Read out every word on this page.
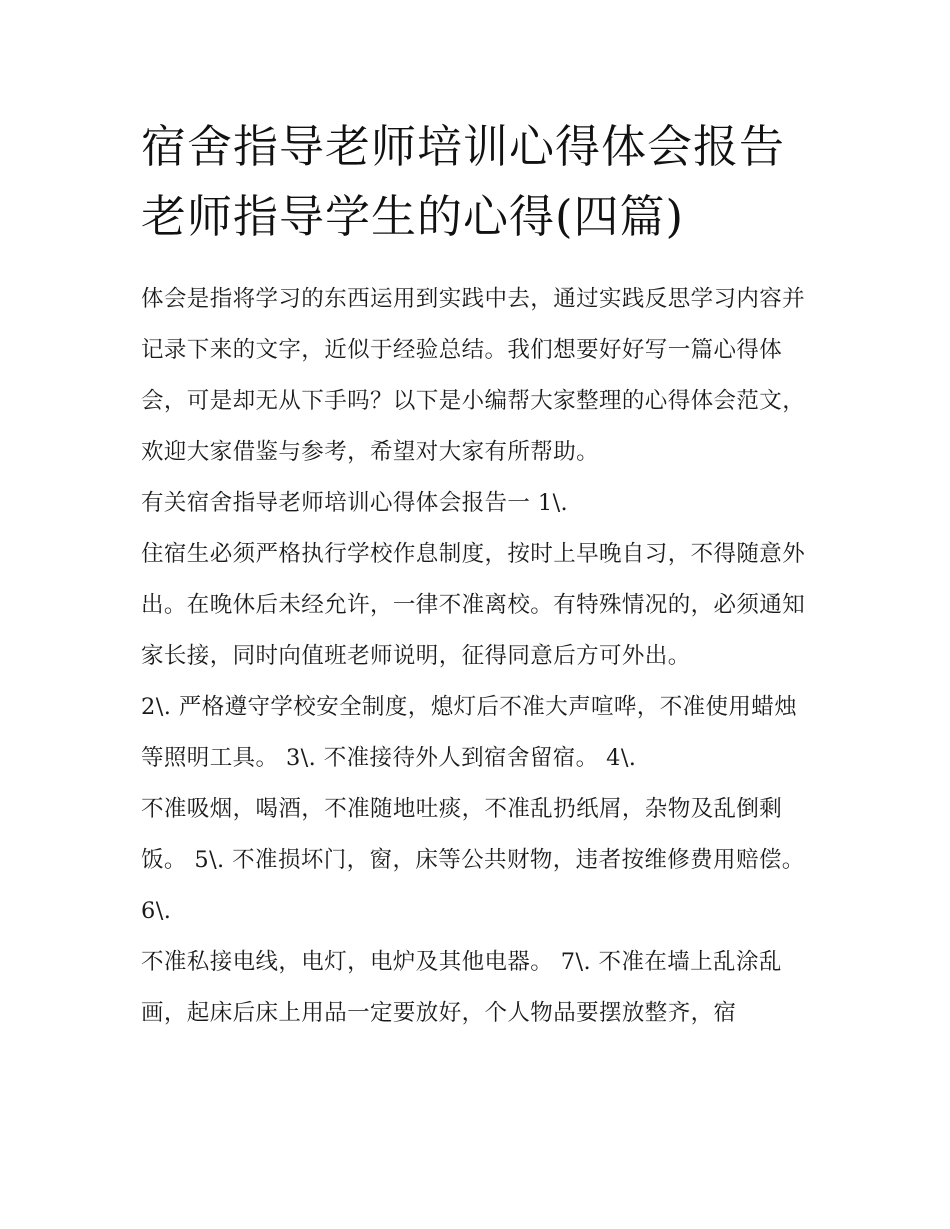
宿舍指导老师培训心得体会报告 老师指导学生的心得(四篇)

体会是指将学习的东西运用到实践中去，通过实践反思学习内容并记录下来的文字，近似于经验总结。我们想要好好写一篇心得体会，可是却无从下手吗？以下是小编帮大家整理的心得体会范文，欢迎大家借鉴与参考，希望对大家有所帮助。

有关宿舍指导老师培训心得体会报告一 1\.

住宿生必须严格执行学校作息制度，按时上早晚自习，不得随意外出。在晚休后未经允许，一律不准离校。有特殊情况的，必须通知家长接，同时向值班老师说明，征得同意后方可外出。

2\. 严格遵守学校安全制度，熄灯后不准大声喧哗，不准使用蜡烛等照明工具。 3\. 不准接待外人到宿舍留宿。 4\.

不准吸烟，喝酒，不准随地吐痰，不准乱扔纸屑，杂物及乱倒剩饭。 5\. 不准损坏门，窗，床等公共财物，违者按维修费用赔偿。 6\.

不准私接电线，电灯，电炉及其他电器。 7\. 不准在墙上乱涂乱画，起床后床上用品一定要放好，个人物品要摆放整齐，宿
